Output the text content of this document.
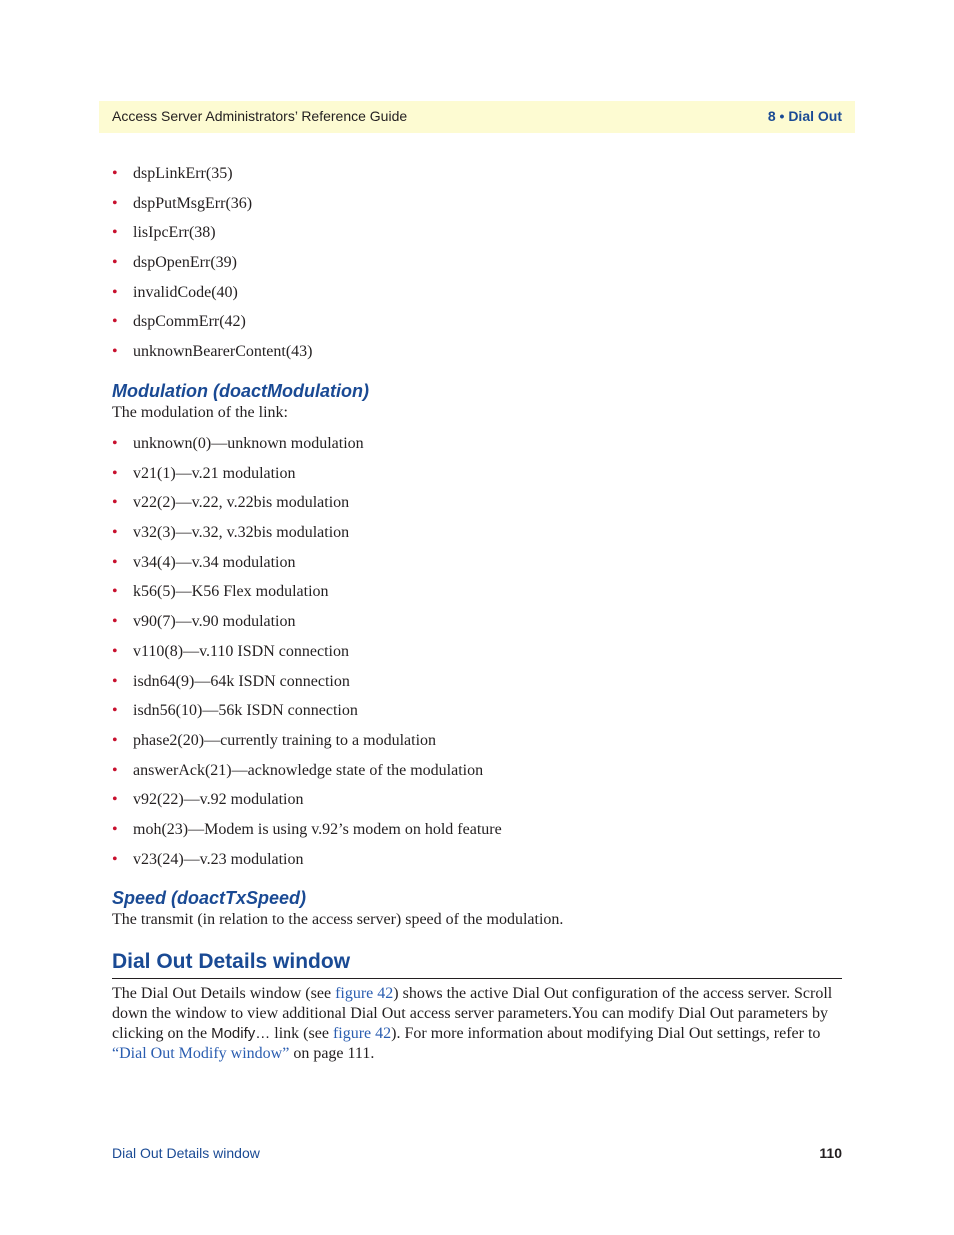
Access Server Administrators’ Reference Guide	8 • Dial Out
• dspLinkErr(35)
• dspPutMsgErr(36)
• lisIpcErr(38)
• dspOpenErr(39)
• invalidCode(40)
• dspCommErr(42)
• unknownBearerContent(43)
Modulation (doactModulation)

The modulation of the link:

• unknown(0)—unknown modulation
• v21(1)—v.21 modulation
• v22(2)—v.22, v.22bis modulation
• v32(3)—v.32, v.32bis modulation
• v34(4)—v.34 modulation
• k56(5)—K56 Flex modulation
• v90(7)—v.90 modulation
• v110(8)—v.110 ISDN connection
• isdn64(9)—64k ISDN connection
• isdn56(10)—56k ISDN connection
• phase2(20)—currently training to a modulation
• answerAck(21)—acknowledge state of the modulation
• v92(22)—v.92 modulation
• moh(23)—Modem is using v.92’s modem on hold feature
• v23(24)—v.23 modulation
Speed (doactTxSpeed)

The transmit (in relation to the access server) speed of the modulation.

Dial Out Details window

The Dial Out Details window (see figure 42) shows the active Dial Out configuration of the access server. Scroll down the window to view additional Dial Out access server parameters.You can modify Dial Out parameters by clicking on the Modify… link (see figure 42). For more information about modifying Dial Out settings, refer to “Dial Out Modify window” on page 111.

Dial Out Details window	110
